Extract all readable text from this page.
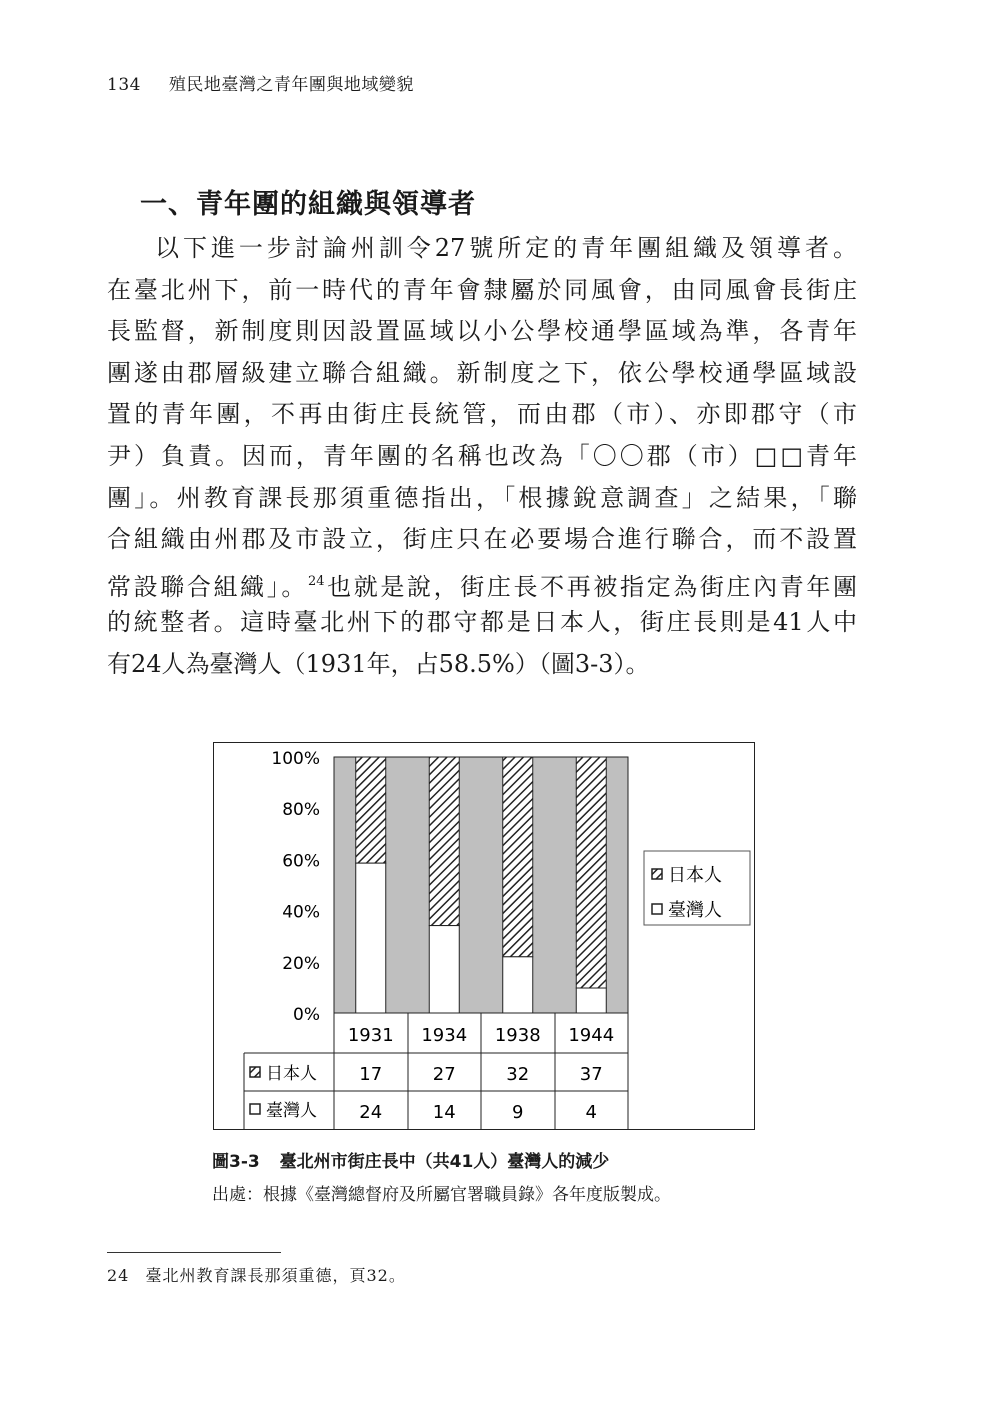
134 殖民地臺灣之青年團與地域變貌
一、青年團的組織與領導者
以下進一步討論州訓令27號所定的青年團組織及領導者。
在臺北州下，前一時代的青年會隸屬於同風會，由同風會長街庄
長監督，新制度則因設置區域以小公學校通學區域為準，各青年
團遂由郡層級建立聯合組織。新制度之下，依公學校通學區域設
置的青年團，不再由街庄長統管，而由郡（市）、亦即郡守（市
尹）負責。因而，青年團的名稱也改為「〇〇郡（市）□□青年
團」。州教育課長那須重德指出，「根據銳意調查」之結果，「聯
合組織由州郡及市設立，街庄只在必要場合進行聯合，而不設置
常設聯合組織」。$^{24}$也就是說，街庄長不再被指定為街庄內青年團
的統整者。這時臺北州下的郡守都是日本人，街庄長則是41人中
有24人為臺灣人（1931年，占58.5%）（圖3-3）。
100%
80%
60%
40%
20%
0%
1931 1934 1938 1944
17
24
27
14
32
9
37
4
日本人
臺灣人
日本人
臺灣人
圖3-3 臺北州市街庄長中（共41人）臺灣人的減少
出處：根據《臺灣總督府及所屬官署職員錄》各年度版製成。
24 臺北州教育課長那須重德，頁32。
